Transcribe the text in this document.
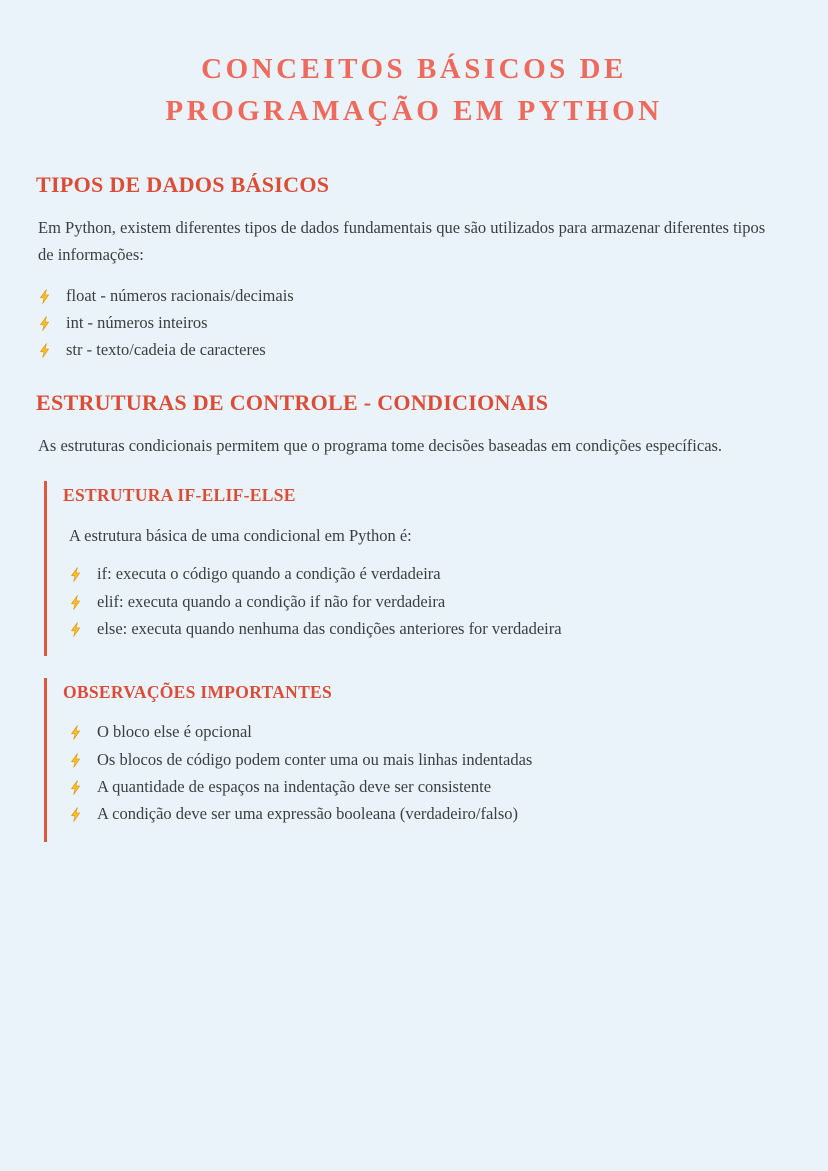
CONCEITOS BÁSICOS DE PROGRAMAÇÃO EM PYTHON
TIPOS DE DADOS BÁSICOS

Em Python, existem diferentes tipos de dados fundamentais que são utilizados para armazenar diferentes tipos de informações:

float - números racionais/decimais
int - números inteiros
str - texto/cadeia de caracteres
ESTRUTURAS DE CONTROLE - CONDICIONAIS

As estruturas condicionais permitem que o programa tome decisões baseadas em condições específicas.

ESTRUTURA IF-ELIF-ELSE

A estrutura básica de uma condicional em Python é:

if: executa o código quando a condição é verdadeira
elif: executa quando a condição if não for verdadeira
else: executa quando nenhuma das condições anteriores for verdadeira
OBSERVAÇÕES IMPORTANTES
O bloco else é opcional
Os blocos de código podem conter uma ou mais linhas indentadas
A quantidade de espaços na indentação deve ser consistente
A condição deve ser uma expressão booleana (verdadeiro/falso)
